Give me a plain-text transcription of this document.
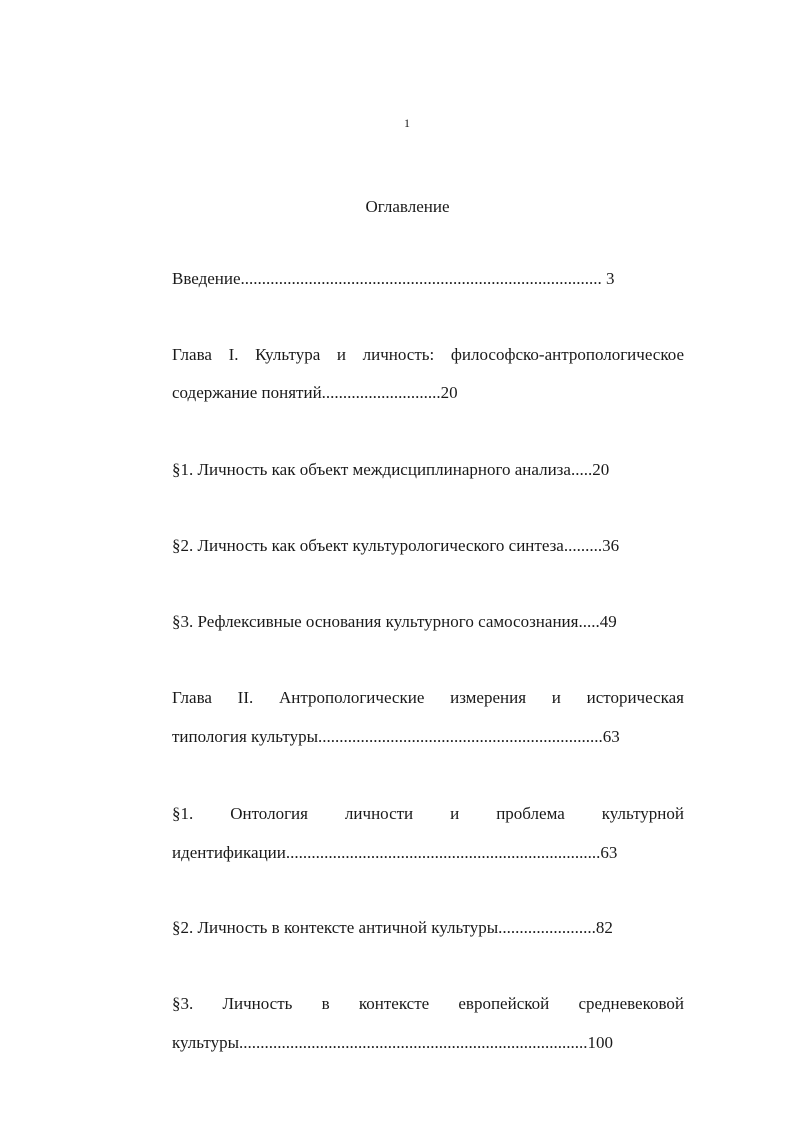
1
Оглавление
Введение..................................................................................... 3
Глава I. Культура и личность: философско-антропологическое
содержание понятий............................20
§1. Личность как объект междисциплинарного анализа.....20
§2. Личность как объект культурологического синтеза.........36
§3. Рефлексивные основания культурного самосознания.....49
Глава II. Антропологические измерения и историческая
типология культуры...................................................................63
§1. Онтология личности и проблема культурной
идентификации..........................................................................63
§2. Личность в контексте античной культуры.......................82
§3. Личность в контексте европейской средневековой
культуры..................................................................................100
